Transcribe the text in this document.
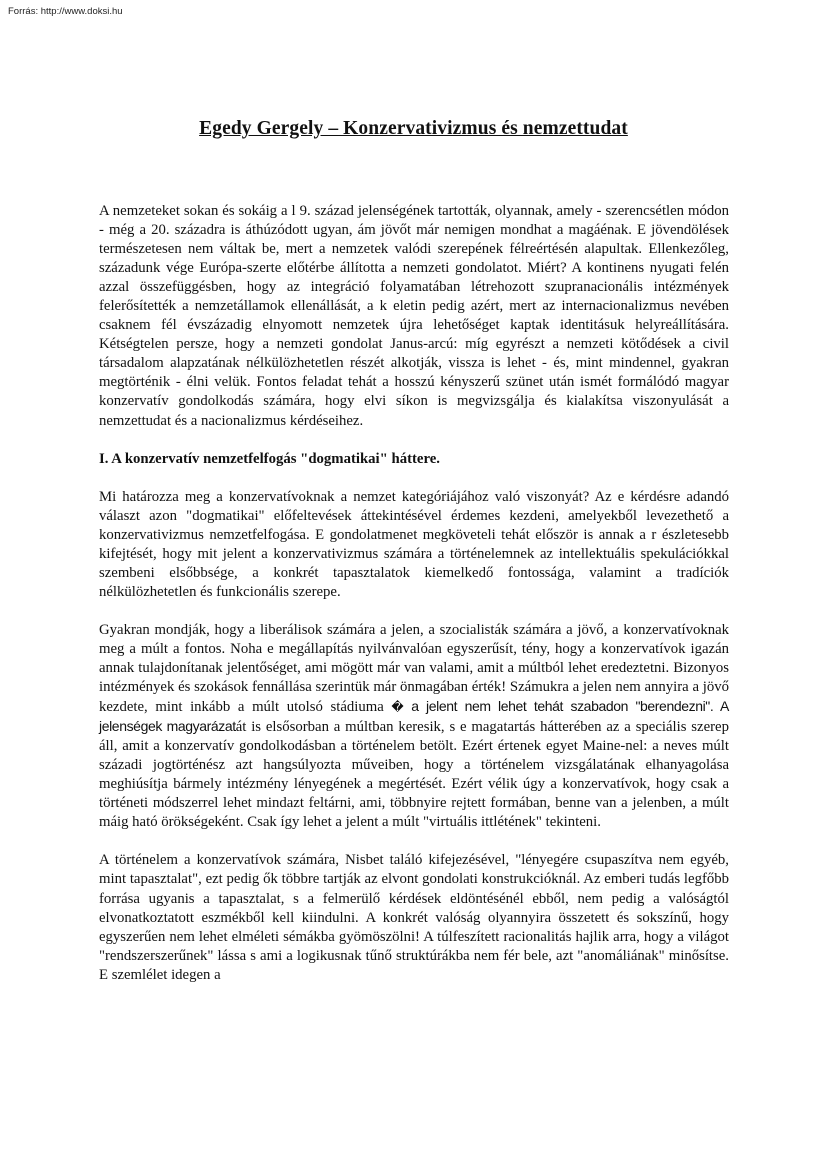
Forrás: http://www.doksi.hu
Egedy Gergely – Konzervativizmus és nemzettudat

A nemzeteket sokan és sokáig a l 9. század jelenségének tartották, olyannak, amely - szerencsétlen módon - még a 20. századra is áthúzódott ugyan, ám jövőt már nemigen mondhat a magáénak. E jövendölések természetesen nem váltak be, mert a nemzetek valódi szerepének félreértésén alapultak. Ellenkezőleg, századunk vége Európa-szerte előtérbe állította a nemzeti gondolatot. Miért? A kontinens nyugati felén azzal összefüggésben, hogy az integráció folyamatában létrehozott szupranacionális intézmények felerősítették a nemzetállamok ellenállását, a k eletin pedig azért, mert az internacionalizmus nevében csaknem fél évszázadig elnyomott nemzetek újra lehetőséget kaptak identitásuk helyreállítására. Kétségtelen persze, hogy a nemzeti gondolat Janus-arcú: míg egyrészt a nemzeti kötődések a civil társadalom alapzatának nélkülözhetetlen részét alkotják, vissza is lehet - és, mint mindennel, gyakran megtörténik - élni velük. Fontos feladat tehát a hosszú kényszerű szünet után ismét formálódó magyar konzervatív gondolkodás számára, hogy elvi síkon is megvizsgálja és kialakítsa viszonyulását a nemzettudat és a nacionalizmus kérdéseihez.

I. A konzervatív nemzetfelfogás "dogmatikai" háttere.

Mi határozza meg a konzervatívoknak a nemzet kategóriájához való viszonyát? Az e kérdésre adandó választ azon "dogmatikai" előfeltevések áttekintésével érdemes kezdeni, amelyekből levezethető a konzervativizmus nemzetfelfogása. E gondolatmenet megköveteli tehát először is annak a r észletesebb kifejtését, hogy mit jelent a konzervativizmus számára a történelemnek az intellektuális spekulációkkal szembeni elsőbbsége, a konkrét tapasztalatok kiemelkedő fontossága, valamint a tradíciók nélkülözhetetlen és funkcionális szerepe.

Gyakran mondják, hogy a liberálisok számára a jelen, a szocialisták számára a jövő, a konzervatívoknak meg a múlt a fontos. Noha e megállapítás nyilvánvalóan egyszerűsít, tény, hogy a konzervatívok igazán annak tulajdonítanak jelentőséget, ami mögött már van valami, amit a múltból lehet eredeztetni. Bizonyos intézmények és szokások fennállása szerintük már önmagában érték! Számukra a jelen nem annyira a jövő kezdete, mint inkább a múlt utolsó stádiuma � a jelent nem lehet tehát szabadon "berendezni". A jelenségek magyarázatát is elsősorban a múltban keresik, s e magatartás hátterében az a speciális szerep áll, amit a konzervatív gondolkodásban a történelem betölt. Ezért értenek egyet Maine-nel: a neves múlt századi jogtörténész azt hangsúlyozta műveiben, hogy a történelem vizsgálatának elhanyagolása meghiúsítja bármely intézmény lényegének a megértését. Ezért vélik úgy a konzervatívok, hogy csak a történeti módszerrel lehet mindazt feltárni, ami, többnyire rejtett formában, benne van a jelenben, a múlt máig ható örökségeként. Csak így lehet a jelent a múlt "virtuális ittlétének" tekinteni.

A történelem a konzervatívok számára, Nisbet találó kifejezésével, "lényegére csupaszítva nem egyéb, mint tapasztalat", ezt pedig ők többre tartják az elvont gondolati konstrukcióknál. Az emberi tudás legfőbb forrása ugyanis a tapasztalat, s a felmerülő kérdések eldöntésénél ebből, nem pedig a valóságtól elvonatkoztatott eszmékből kell kiindulni. A konkrét valóság olyannyira összetett és sokszínű, hogy egyszerűen nem lehet elméleti sémákba gyömöszölni! A túlfeszített racionalitás hajlik arra, hogy a világot "rendszerszerűnek" lássa s ami a logikusnak tűnő struktúrákba nem fér bele, azt "anomáliának" minősítse. E szemlélet idegen a
